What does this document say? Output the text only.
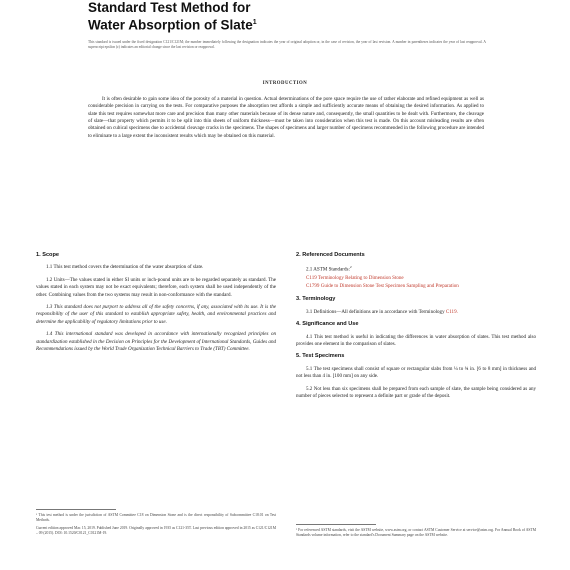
Standard Test Method for
Water Absorption of Slate$^1$
This standard is issued under the fixed designation C121/C121M; the number immediately following the designation indicates the year of original adoption or, in the case of revision, the year of last revision. A number in parentheses indicates the year of last reapproval. A superscript epsilon (ε) indicates an editorial change since the last revision or reapproval.
INTRODUCTION

It is often desirable to gain some idea of the porosity of a material in question. Actual determinations of the pore space require the use of rather elaborate and refined equipment as well as considerable precision in carrying on the tests. For comparative purposes the absorption test affords a simple and sufficiently accurate means of obtaining the desired information. As applied to slate this test requires somewhat more care and precision than many other materials because of its dense nature and, consequently, the small quantities to be dealt with. Furthermore, the cleavage of slate—that property which permits it to be split into thin sheets of uniform thickness—must be taken into consideration when this test is made. On this account misleading results are often obtained on cubical specimens due to accidental cleavage cracks in the specimens. The shapes of specimens and larger number of specimens recommended in the following procedure are intended to eliminate to a large extent the inconsistent results which may be obtained on this material.

1. Scope

1.1 This test method covers the determination of the water absorption of slate.

1.2 Units—The values stated in either SI units or inch-pound units are to be regarded separately as standard. The values stated in each system may not be exact equivalents; therefore, each system shall be used independently of the other. Combining values from the two systems may result in non-conformance with the standard.

1.3 This standard does not purport to address all of the safety concerns, if any, associated with its use. It is the responsibility of the user of this standard to establish appropriate safety, health, and environmental practices and determine the applicability of regulatory limitations prior to use.

1.4 This international standard was developed in accordance with internationally recognized principles on standardization established in the Decision on Principles for the Development of International Standards, Guides and Recommendations issued by the World Trade Organization Technical Barriers to Trade (TBT) Committee.

¹ This test method is under the jurisdiction of ASTM Committee C18 on Dimension Stone and is the direct responsibility of Subcommittee C18.01 on Test Methods.

Current edition approved Mar. 15, 2019. Published June 2019. Originally approved in 1935 as C121-35T. Last previous edition approved in 2015 as C121/C121M – 09 (2015). DOI: 10.1520/C0121_C0121M-19.

2. Referenced Documents

2.1 ASTM Standards:$^2$

C119 Terminology Relating to Dimension Stone
C1799 Guide to Dimension Stone Test Specimen Sampling and Preparation
3. Terminology

3.1 Definitions—All definitions are in accordance with Terminology C119.

4. Significance and Use

4.1 This test method is useful in indicating the differences in water absorption of slates. This test method also provides one element in the comparison of slates.

5. Test Specimens

5.1 The test specimens shall consist of square or rectangular slabs from ¼ to ¾ in. [6 to 8 mm] in thickness and not less than 4 in. [100 mm] on any side.

5.2 Not less than six specimens shall be prepared from each sample of slate, the sample being considered as any number of pieces selected to represent a definite part or grade of the deposit.

² For referenced ASTM standards, visit the ASTM website, www.astm.org, or contact ASTM Customer Service at service@astm.org. For Annual Book of ASTM Standards volume information, refer to the standard's Document Summary page on the ASTM website.
